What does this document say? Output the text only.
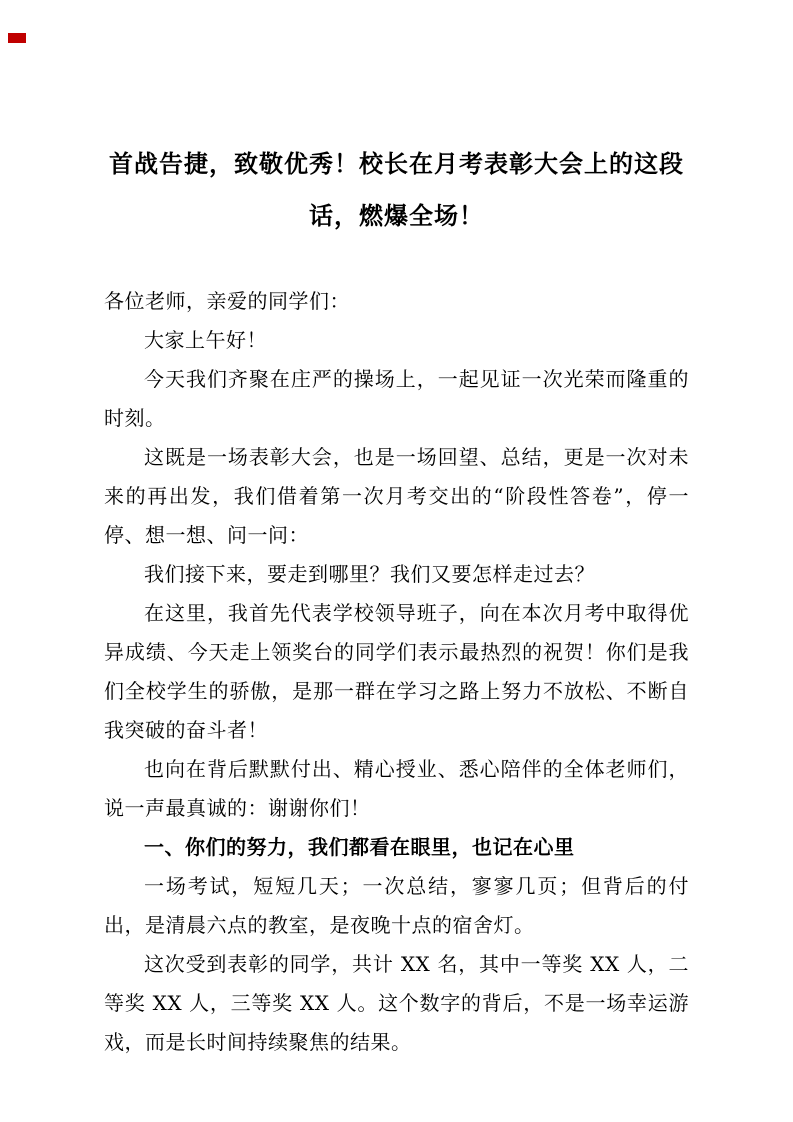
首战告捷，致敬优秀！校长在月考表彰大会上的这段话，燃爆全场！

各位老师，亲爱的同学们：

大家上午好！

今天我们齐聚在庄严的操场上，一起见证一次光荣而隆重的时刻。

这既是一场表彰大会，也是一场回望、总结，更是一次对未来的再出发，我们借着第一次月考交出的“阶段性答卷”，停一停、想一想、问一问：

我们接下来，要走到哪里？我们又要怎样走过去？

在这里，我首先代表学校领导班子，向在本次月考中取得优异成绩、今天走上领奖台的同学们表示最热烈的祝贺！你们是我们全校学生的骄傲，是那一群在学习之路上努力不放松、不断自我突破的奋斗者！

也向在背后默默付出、精心授业、悉心陪伴的全体老师们，说一声最真诚的：谢谢你们！

一、你们的努力，我们都看在眼里，也记在心里

一场考试，短短几天；一次总结，寥寥几页；但背后的付出，是清晨六点的教室，是夜晚十点的宿舍灯。

这次受到表彰的同学，共计 XX 名，其中一等奖 XX 人，二等奖 XX 人，三等奖 XX 人。这个数字的背后，不是一场幸运游戏，而是长时间持续聚焦的结果。
